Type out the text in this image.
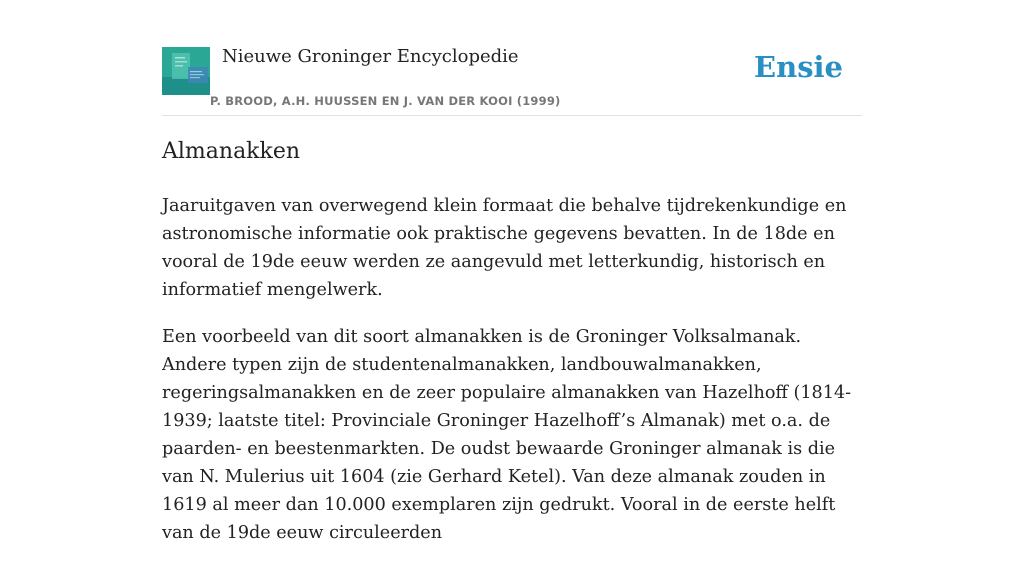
Nieuwe Groninger Encyclopedie
P. BROOD, A.H. HUUSSEN EN J. VAN DER KOOI (1999)
Ensie
Almanakken

Jaaruitgaven van overwegend klein formaat die behalve tijdrekenkundige en astronomische informatie ook praktische gegevens bevatten. In de 18de en vooral de 19de eeuw werden ze aangevuld met letterkundig, historisch en informatief mengelwerk.

Een voorbeeld van dit soort almanakken is de Groninger Volksalmanak. Andere typen zijn de studentenalmanakken, landbouwalmanakken, regeringsalmanakken en de zeer populaire almanakken van Hazelhoff (1814-1939; laatste titel: Provinciale Groninger Hazelhoff’s Almanak) met o.a. de paarden- en beestenmarkten. De oudst bewaarde Groninger almanak is die van N. Mulerius uit 1604 (zie Gerhard Ketel). Van deze almanak zouden in 1619 al meer dan 10.000 exemplaren zijn gedrukt. Vooral in de eerste helft van de 19de eeuw circuleerden
